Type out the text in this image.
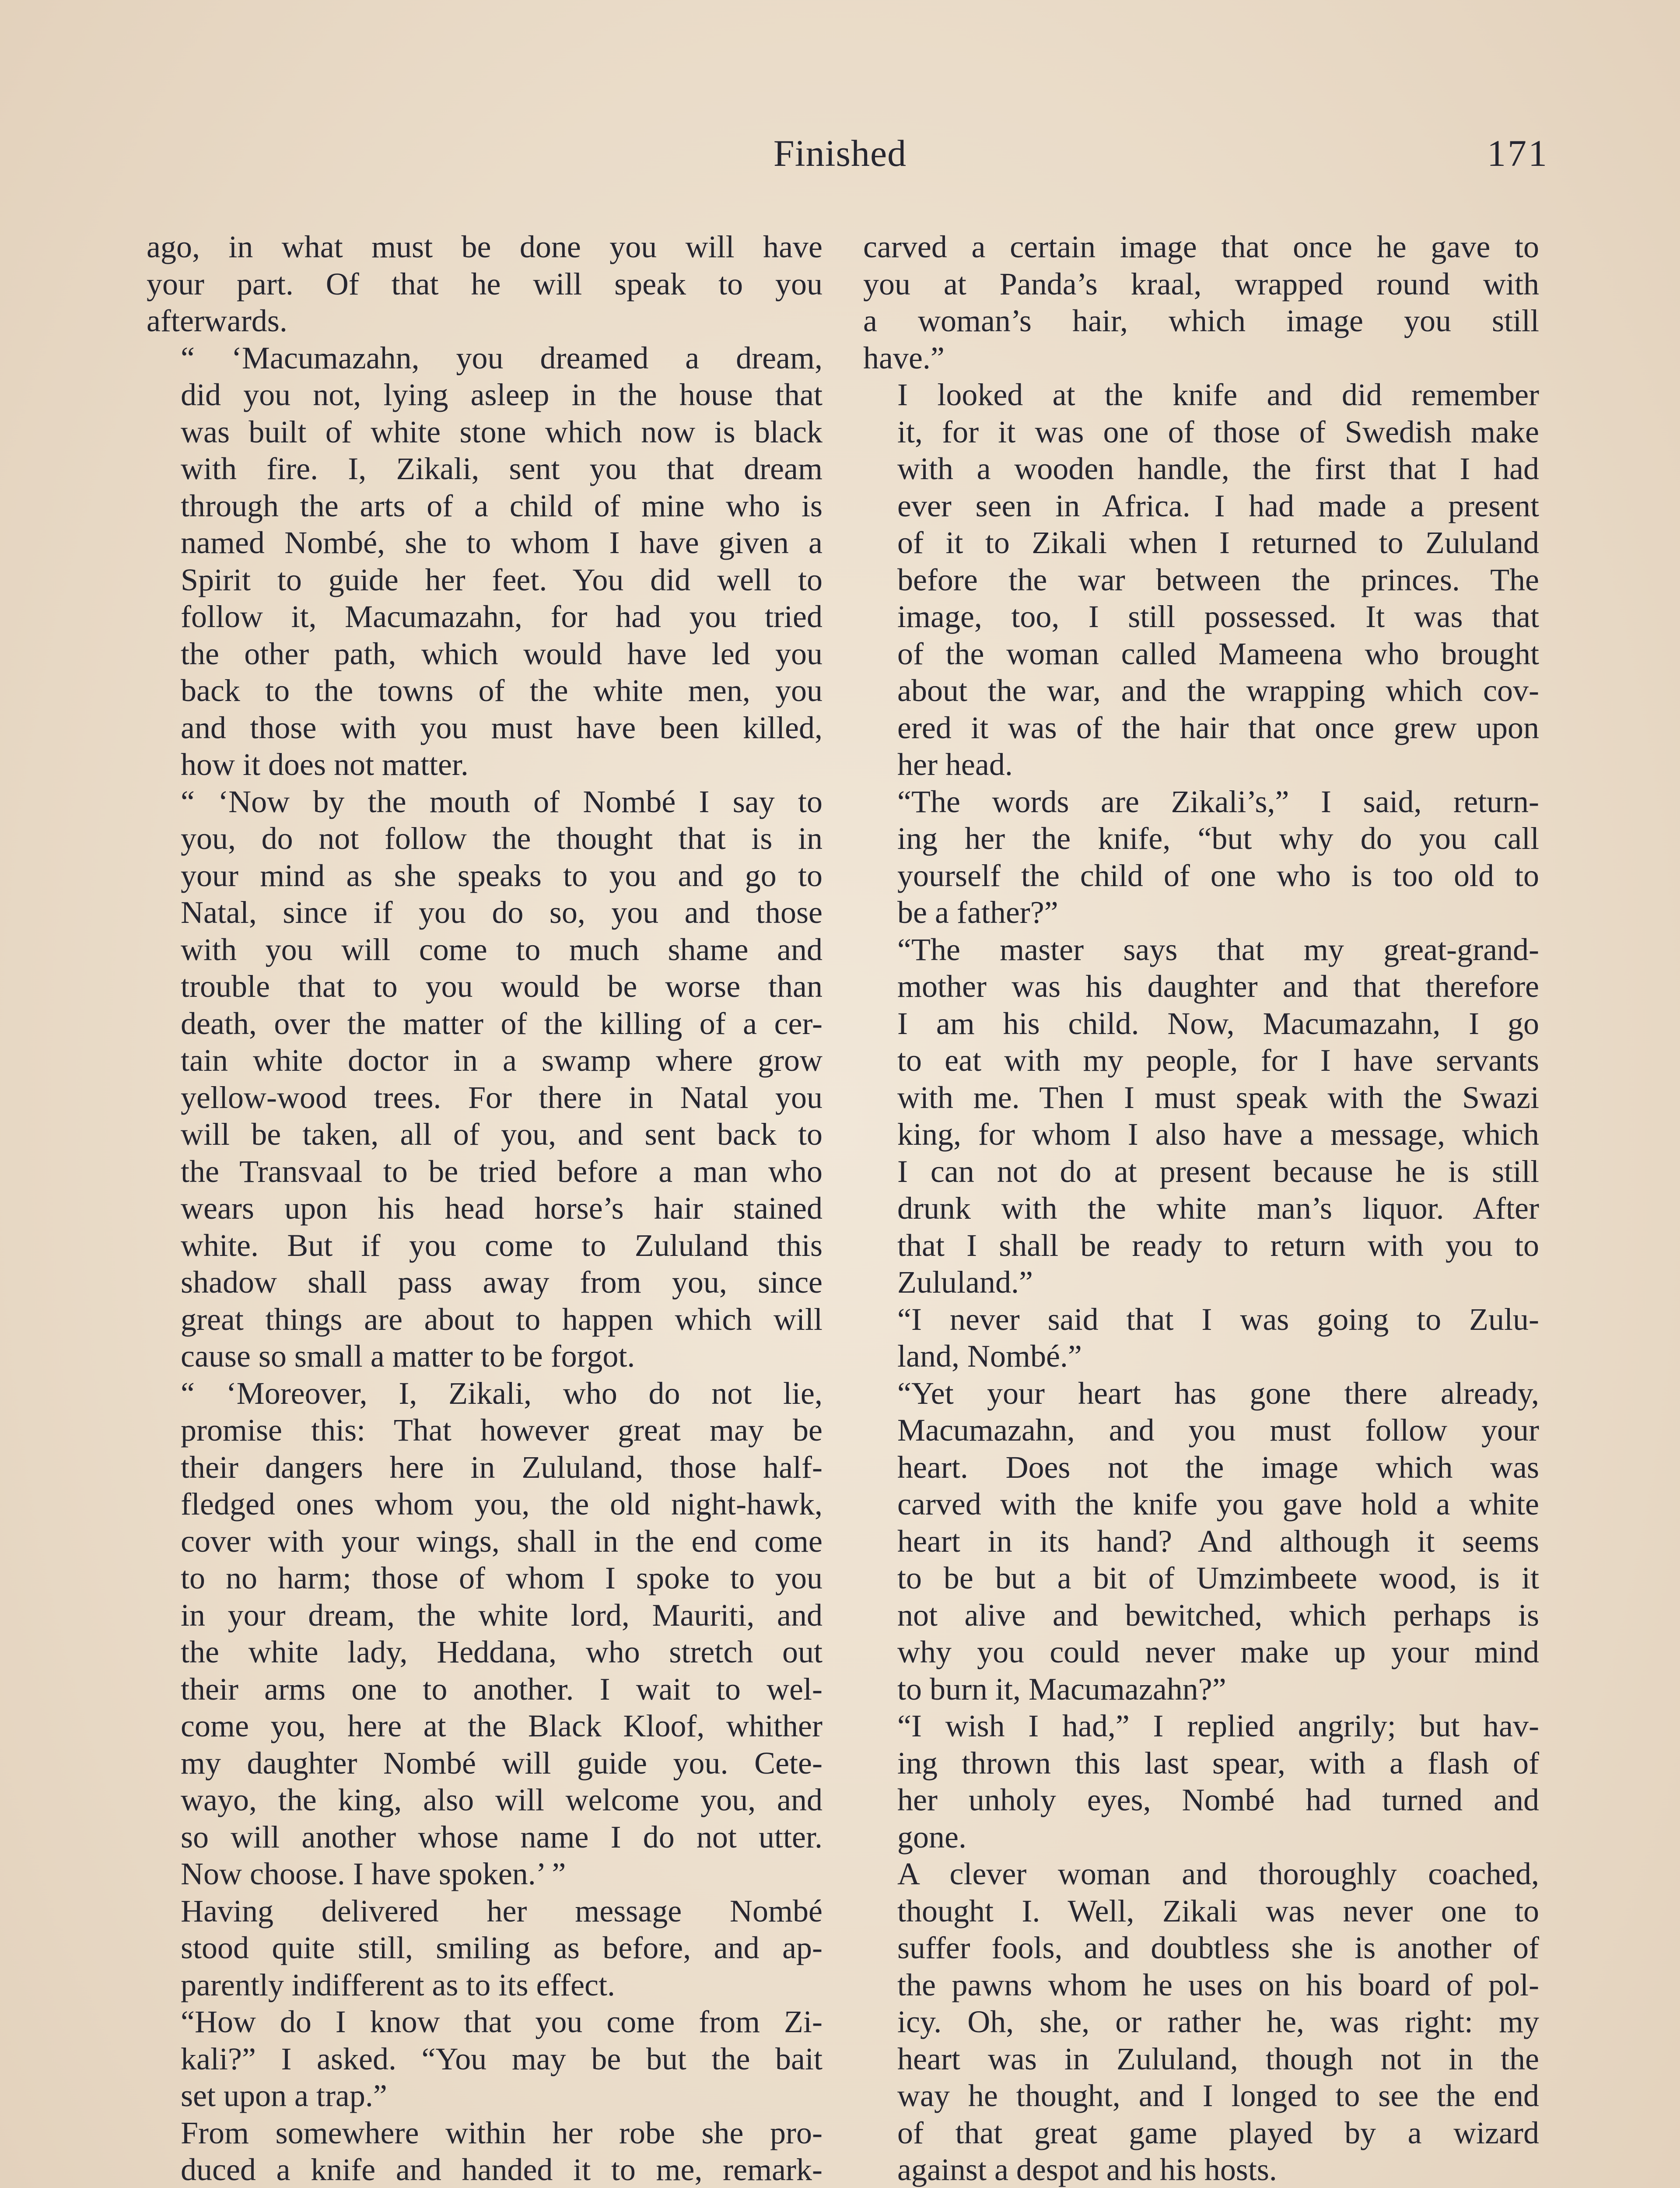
Finished	171

ago, in what must be done you will have
your part. Of that he will speak to you
afterwards.

“ ‘Macumazahn, you dreamed a dream,
did you not, lying asleep in the house that
was built of white stone which now is black
with fire. I, Zikali, sent you that dream
through the arts of a child of mine who is
named Nombé, she to whom I have given a
Spirit to guide her feet. You did well to
follow it, Macumazahn, for had you tried
the other path, which would have led you
back to the towns of the white men, you
and those with you must have been killed,
how it does not matter.

“ ‘Now by the mouth of Nombé I say to
you, do not follow the thought that is in
your mind as she speaks to you and go to
Natal, since if you do so, you and those
with you will come to much shame and
trouble that to you would be worse than
death, over the matter of the killing of a cer-
tain white doctor in a swamp where grow
yellow-wood trees. For there in Natal you
will be taken, all of you, and sent back to
the Transvaal to be tried before a man who
wears upon his head horse’s hair stained
white. But if you come to Zululand this
shadow shall pass away from you, since
great things are about to happen which will
cause so small a matter to be forgot.

“ ‘Moreover, I, Zikali, who do not lie,
promise this: That however great may be
their dangers here in Zululand, those half-
fledged ones whom you, the old night-hawk,
cover with your wings, shall in the end come
to no harm; those of whom I spoke to you
in your dream, the white lord, Mauriti, and
the white lady, Heddana, who stretch out
their arms one to another. I wait to wel-
come you, here at the Black Kloof, whither
my daughter Nombé will guide you. Cete-
wayo, the king, also will welcome you, and
so will another whose name I do not utter.
Now choose. I have spoken.’ ”

Having delivered her message Nombé
stood quite still, smiling as before, and ap-
parently indifferent as to its effect.

“How do I know that you come from Zi-
kali?” I asked. “You may be but the bait
set upon a trap.”

From somewhere within her robe she pro-
duced a knife and handed it to me, remark-

carved a certain image that once he gave to
you at Panda’s kraal, wrapped round with
a woman’s hair, which image you still
have.”

I looked at the knife and did remember
it, for it was one of those of Swedish make
with a wooden handle, the first that I had
ever seen in Africa. I had made a present
of it to Zikali when I returned to Zululand
before the war between the princes. The
image, too, I still possessed. It was that
of the woman called Mameena who brought
about the war, and the wrapping which cov-
ered it was of the hair that once grew upon
her head.

“The words are Zikali’s,” I said, return-
ing her the knife, “but why do you call
yourself the child of one who is too old to
be a father?”

“The master says that my great-grand-
mother was his daughter and that therefore
I am his child. Now, Macumazahn, I go
to eat with my people, for I have servants
with me. Then I must speak with the Swazi
king, for whom I also have a message, which
I can not do at present because he is still
drunk with the white man’s liquor. After
that I shall be ready to return with you to
Zululand.”

“I never said that I was going to Zulu-
land, Nombé.”

“Yet your heart has gone there already,
Macumazahn, and you must follow your
heart. Does not the image which was
carved with the knife you gave hold a white
heart in its hand? And although it seems
to be but a bit of Umzimbeete wood, is it
not alive and bewitched, which perhaps is
why you could never make up your mind
to burn it, Macumazahn?”

“I wish I had,” I replied angrily; but hav-
ing thrown this last spear, with a flash of
her unholy eyes, Nombé had turned and
gone.

A clever woman and thoroughly coached,
thought I. Well, Zikali was never one to
suffer fools, and doubtless she is another of
the pawns whom he uses on his board of pol-
icy. Oh, she, or rather he, was right: my
heart was in Zululand, though not in the
way he thought, and I longed to see the end
of that great game played by a wizard
against a despot and his hosts.
